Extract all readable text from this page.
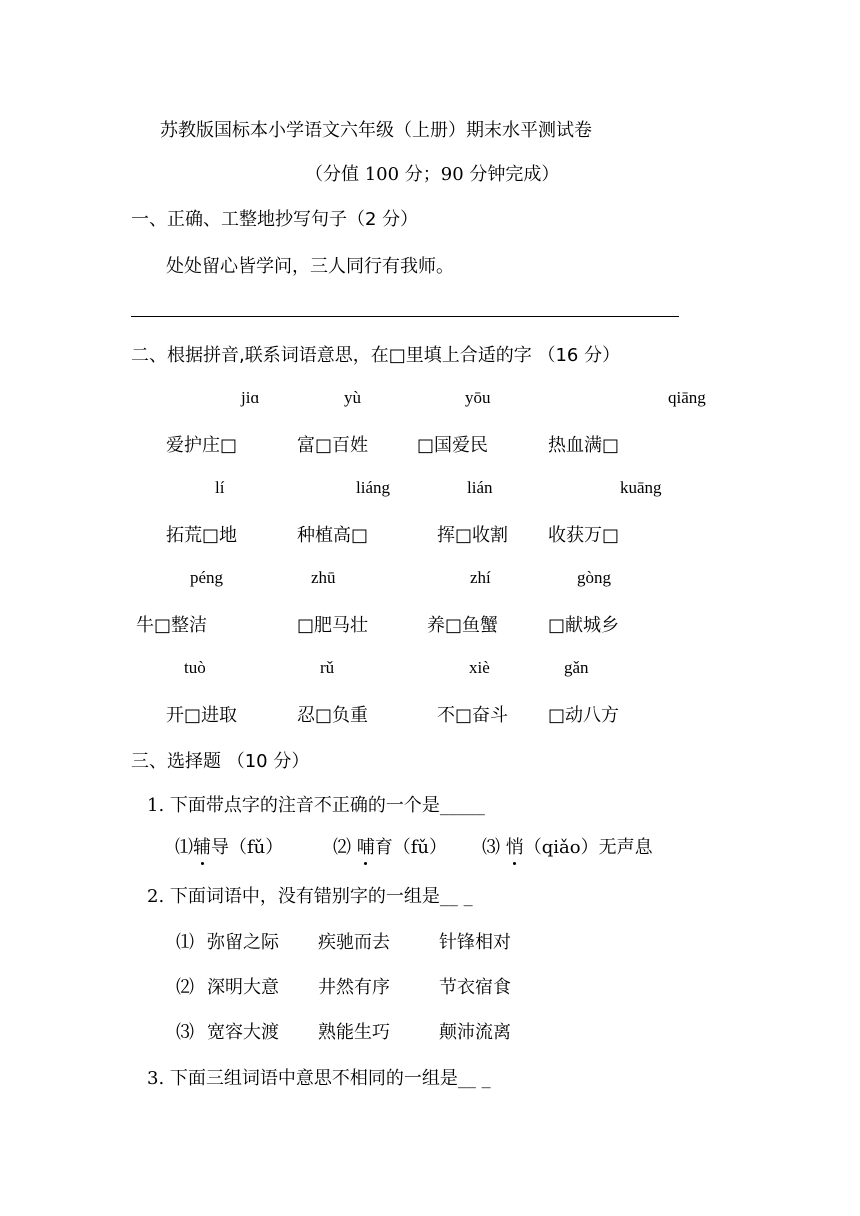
苏教版国标本小学语文六年级（上册）期末水平测试卷
（分值 100 分；90 分钟完成）
一、正确、工整地抄写句子（2 分）
处处留心皆学问，三人同行有我师。
二、根据拼音,联系词语意思，在□里填上合适的字 （16 分）
jiɑ	yù	yōu	qiāng
爱护庄□	富□百姓	□国爱民	热血满□
lí	liáng	lián	kuāng
拓荒□地	种植高□	挥□收割 收获万□
péng	zhū	zhí	gòng
牛□整洁	□肥马壮	养□鱼蟹	□献城乡
tuò	rǔ	xiè	gǎn
开□进取	忍□负重	不□奋斗 □动八方
三、选择题 （10 分）
1. 下面带点字的注音不正确的一个是_____
⑴辅导（fǔ）	⑵ 哺育（fǔ） ⑶ 悄（qiǎo）无声息
2. 下面词语中，没有错别字的一组是__ _
⑴ 弥留之际 疾驰而去	针锋相对
⑵ 深明大意 井然有序	节衣宿食
⑶ 宽容大渡 熟能生巧	颠沛流离
3. 下面三组词语中意思不相同的一组是__ _
